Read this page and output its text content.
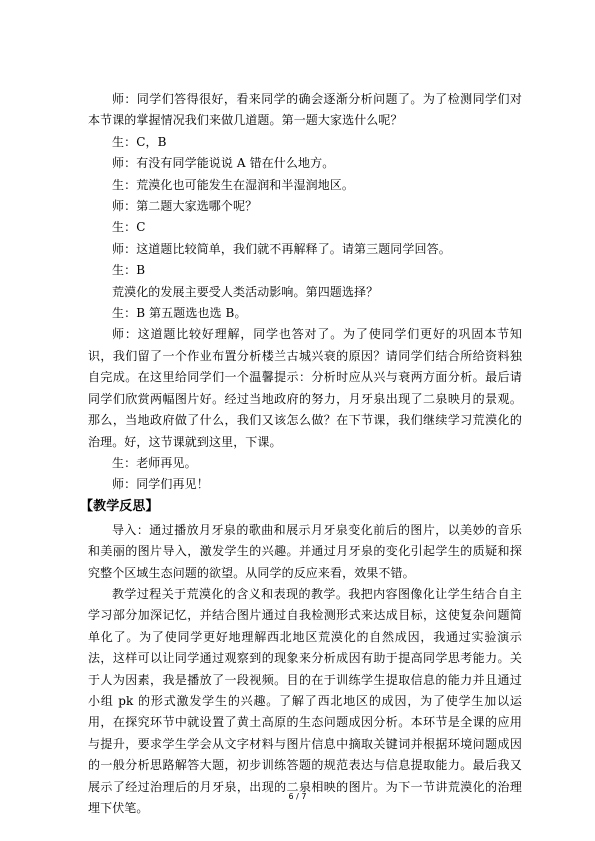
师：同学们答得很好，看来同学的确会逐渐分析问题了。为了检测同学们对本节课的掌握情况我们来做几道题。第一题大家选什么呢？

生：C，B

师：有没有同学能说说 A 错在什么地方。

生：荒漠化也可能发生在湿润和半湿润地区。

师：第二题大家选哪个呢？

生：C

师：这道题比较简单，我们就不再解释了。请第三题同学回答。

生：B

荒漠化的发展主要受人类活动影响。第四题选择？

生：B 第五题选也选 B。

师：这道题比较好理解，同学也答对了。为了使同学们更好的巩固本节知识，我们留了一个作业布置分析楼兰古城兴衰的原因？请同学们结合所给资料独自完成。在这里给同学们一个温馨提示：分析时应从兴与衰两方面分析。最后请同学们欣赏两幅图片好。经过当地政府的努力，月牙泉出现了二泉映月的景观。那么，当地政府做了什么，我们又该怎么做？在下节课，我们继续学习荒漠化的治理。好，这节课就到这里，下课。

生：老师再见。

师：同学们再见！

【教学反思】

导入：通过播放月牙泉的歌曲和展示月牙泉变化前后的图片，以美妙的音乐和美丽的图片导入，激发学生的兴趣。并通过月牙泉的变化引起学生的质疑和探究整个区域生态问题的欲望。从同学的反应来看，效果不错。

教学过程关于荒漠化的含义和表现的教学。我把内容图像化让学生结合自主学习部分加深记忆，并结合图片通过自我检测形式来达成目标，这使复杂问题简单化了。为了使同学更好地理解西北地区荒漠化的自然成因，我通过实验演示法，这样可以让同学通过观察到的现象来分析成因有助于提高同学思考能力。关于人为因素，我是播放了一段视频。目的在于训练学生提取信息的能力并且通过小组 pk 的形式激发学生的兴趣。了解了西北地区的成因，为了使学生加以运用，在探究环节中就设置了黄土高原的生态问题成因分析。本环节是全课的应用与提升，要求学生学会从文字材料与图片信息中摘取关键词并根据环境问题成因的一般分析思路解答大题，初步训练答题的规范表达与信息提取能力。最后我又展示了经过治理后的月牙泉，出现的二泉相映的图片。为下一节讲荒漠化的治理埋下伏笔。

6 / 7
